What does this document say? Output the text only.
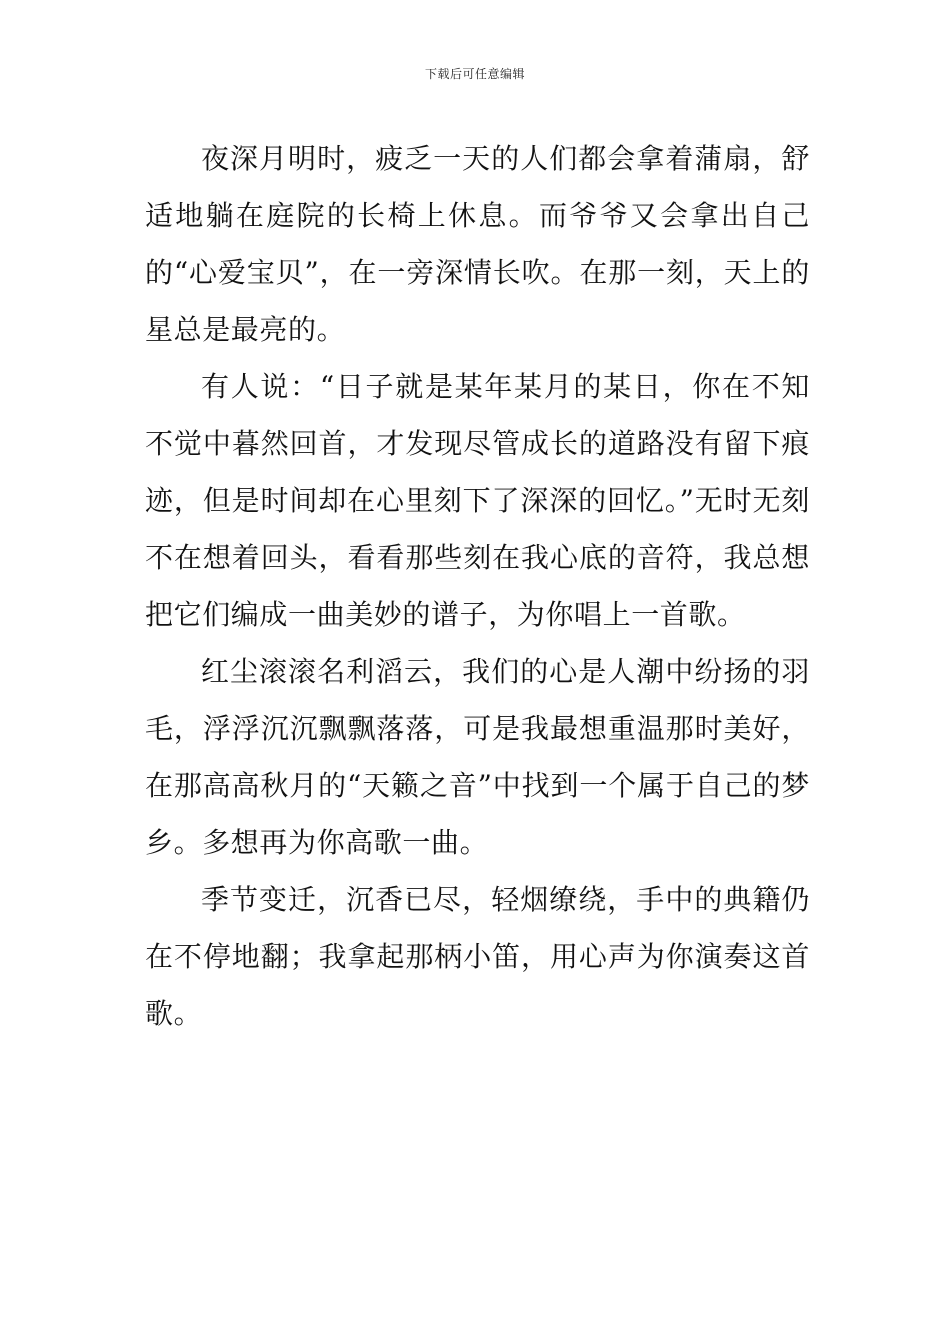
下载后可任意编辑

夜深月明时，疲乏一天的人们都会拿着蒲扇，舒适地躺在庭院的长椅上休息。而爷爷又会拿出自己的“心爱宝贝”，在一旁深情长吹。在那一刻，天上的星总是最亮的。

有人说：“日子就是某年某月的某日，你在不知不觉中暮然回首，才发现尽管成长的道路没有留下痕迹，但是时间却在心里刻下了深深的回忆。”无时无刻不在想着回头，看看那些刻在我心底的音符，我总想把它们编成一曲美妙的谱子，为你唱上一首歌。

红尘滚滚名利滔云，我们的心是人潮中纷扬的羽毛，浮浮沉沉飘飘落落，可是我最想重温那时美好，在那高高秋月的“天籁之音”中找到一个属于自己的梦乡。多想再为你高歌一曲。

季节变迁，沉香已尽，轻烟缭绕，手中的典籍仍在不停地翻；我拿起那柄小笛，用心声为你演奏这首歌。
